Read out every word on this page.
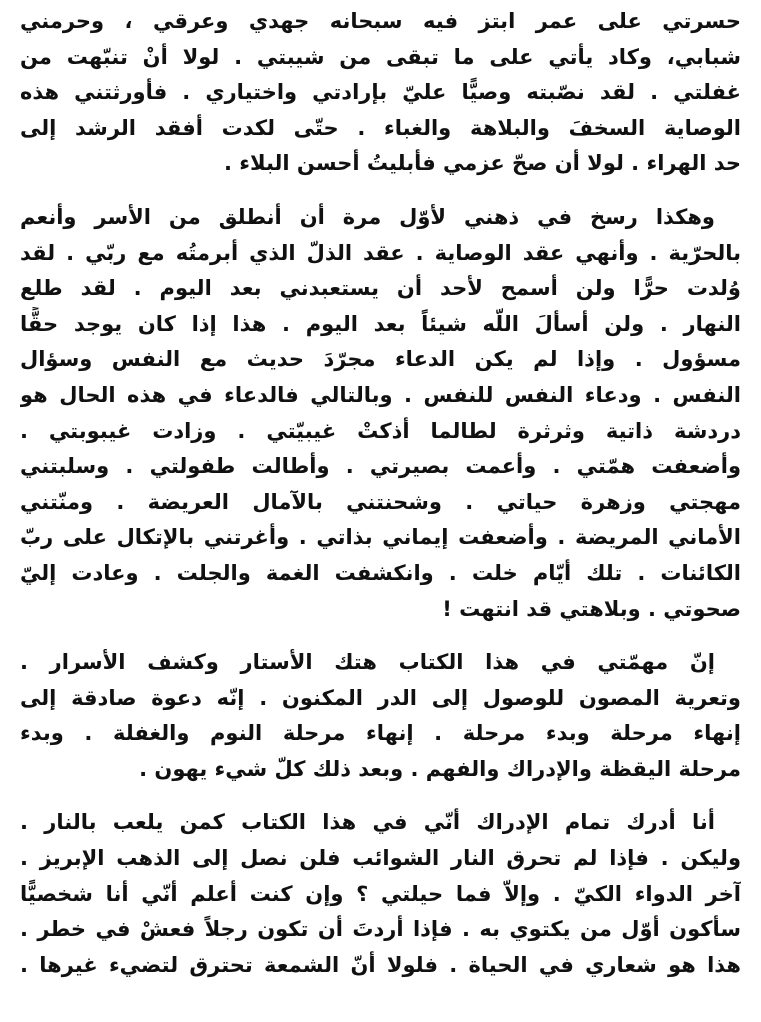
حسرتي على عمر ابتز فيه سبحانه جهدي وعرقي ، وحرمني
شبابي، وكاد يأتي على ما تبقى من شيبتي . لولا أنْ تنبّهت من
غفلتي . لقد نصّبته وصيًّا عليّ بإرادتي واختياري . فأورثتني هذه
الوصاية السخفَ والبلاهة والغباء . حتّى لكدت أفقد الرشد إلى
حد الهراء . لولا أن صحّ عزمي فأبليتُ أحسن البلاء .
وهكذا رسخ في ذهني لأوّل مرة أن أنطلق من الأسر وأنعم
بالحرّية . وأنهي عقد الوصاية . عقد الذلّ الذي أبرمتُه مع ربّي . لقد
وُلدت حرًّا ولن أسمح لأحد أن يستعبدني بعد اليوم . لقد طلع
النهار . ولن أسألَ اللّه شيئاً بعد اليوم . هذا إذا كان يوجد حقًّا
مسؤول . وإذا لم يكن الدعاء مجرّدَ حديث مع النفس وسؤال
النفس . ودعاء النفس للنفس . وبالتالي فالدعاء في هذه الحال هو
دردشة ذاتية وثرثرة لطالما أذكتْ غيبيّتي . وزادت غيبوبتي .
وأضعفت همّتي . وأعمت بصيرتي . وأطالت طفولتي . وسلبتني
مهجتي وزهرة حياتي . وشحنتني بالآمال العريضة . ومنّتني
الأماني المريضة . وأضعفت إيماني بذاتي . وأغرتني بالإتكال على ربّ
الكائنات . تلك أيّام خلت . وانكشفت الغمة والجلت . وعادت إليّ
صحوتي . وبلاهتي قد انتهت !
إنّ مهمّتي في هذا الكتاب هتك الأستار وكشف الأسرار .
وتعرية المصون للوصول إلى الدر المكنون . إنّه دعوة صادقة إلى
إنهاء مرحلة وبدء مرحلة . إنهاء مرحلة النوم والغفلة . وبدء
مرحلة اليقظة والإدراك والفهم . وبعد ذلك كلّ شيء يهون .
أنا أدرك تمام الإدراك أنّي في هذا الكتاب كمن يلعب بالنار .
وليكن . فإذا لم تحرق النار الشوائب فلن نصل إلى الذهب الإبريز .
آخر الدواء الكيّ . وإلاّ فما حيلتي ؟ وإن كنت أعلم أنّي أنا شخصيًّا
سأكون أوّل من يكتوي به . فإذا أردتَ أن تكون رجلاً فعشْ في خطر .
هذا هو شعاري في الحياة . فلولا أنّ الشمعة تحترق لتضيء غيرها .
